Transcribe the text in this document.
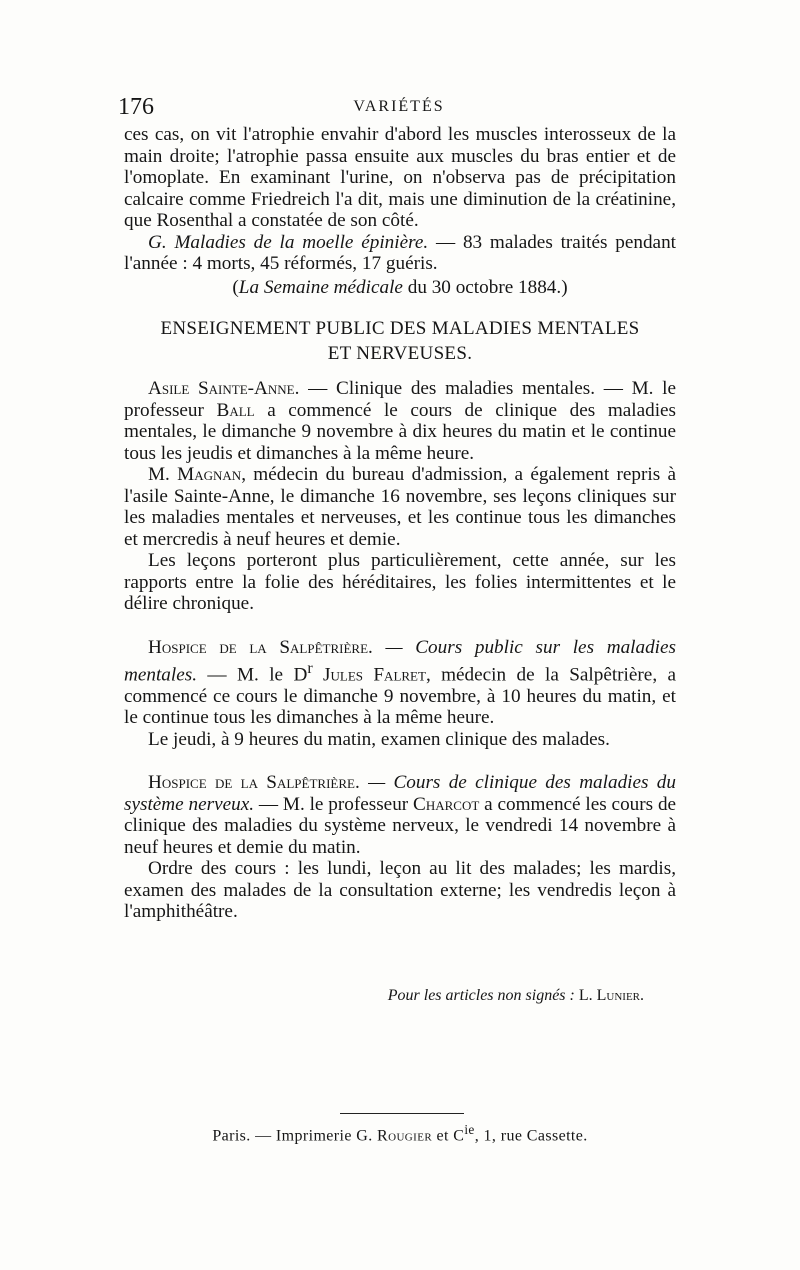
176	VARIÉTÉS

ces cas, on vit l'atrophie envahir d'abord les muscles interosseux de la main droite; l'atrophie passa ensuite aux muscles du bras entier et de l'omoplate. En examinant l'urine, on n'observa pas de précipitation calcaire comme Friedreich l'a dit, mais une diminution de la créatinine, que Rosenthal a constatée de son côté.

G. Maladies de la moelle épinière. — 83 malades traités pendant l'année : 4 morts, 45 réformés, 17 guéris.

(La Semaine médicale du 30 octobre 1884.)

ENSEIGNEMENT PUBLIC DES MALADIES MENTALES
ET NERVEUSES.

Asile Sainte-Anne. — Clinique des maladies mentales. — M. le professeur Ball a commencé le cours de clinique des maladies mentales, le dimanche 9 novembre à dix heures du matin et le continue tous les jeudis et dimanches à la même heure.

M. Magnan, médecin du bureau d'admission, a également repris à l'asile Sainte-Anne, le dimanche 16 novembre, ses leçons cliniques sur les maladies mentales et nerveuses, et les continue tous les dimanches et mercredis à neuf heures et demie.

Les leçons porteront plus particulièrement, cette année, sur les rapports entre la folie des héréditaires, les folies intermittentes et le délire chronique.

Hospice de la Salpêtrière. — Cours public sur les maladies mentales. — M. le $D^r$ Jules Falret, médecin de la Salpêtrière, a commencé ce cours le dimanche 9 novembre, à 10 heures du matin, et le continue tous les dimanches à la même heure.

Le jeudi, à 9 heures du matin, examen clinique des malades.

Hospice de la Salpêtrière. — Cours de clinique des maladies du système nerveux. — M. le professeur Charcot a commencé les cours de clinique des maladies du système nerveux, le vendredi 14 novembre à neuf heures et demie du matin.

Ordre des cours : les lundi, leçon au lit des malades; les mardis, examen des malades de la consultation externe; les vendredis leçon à l'amphithéâtre.

Pour les articles non signés : L. Lunier.
Paris. — Imprimerie G. Rougier et $C^{ie}$, 1, rue Cassette.
